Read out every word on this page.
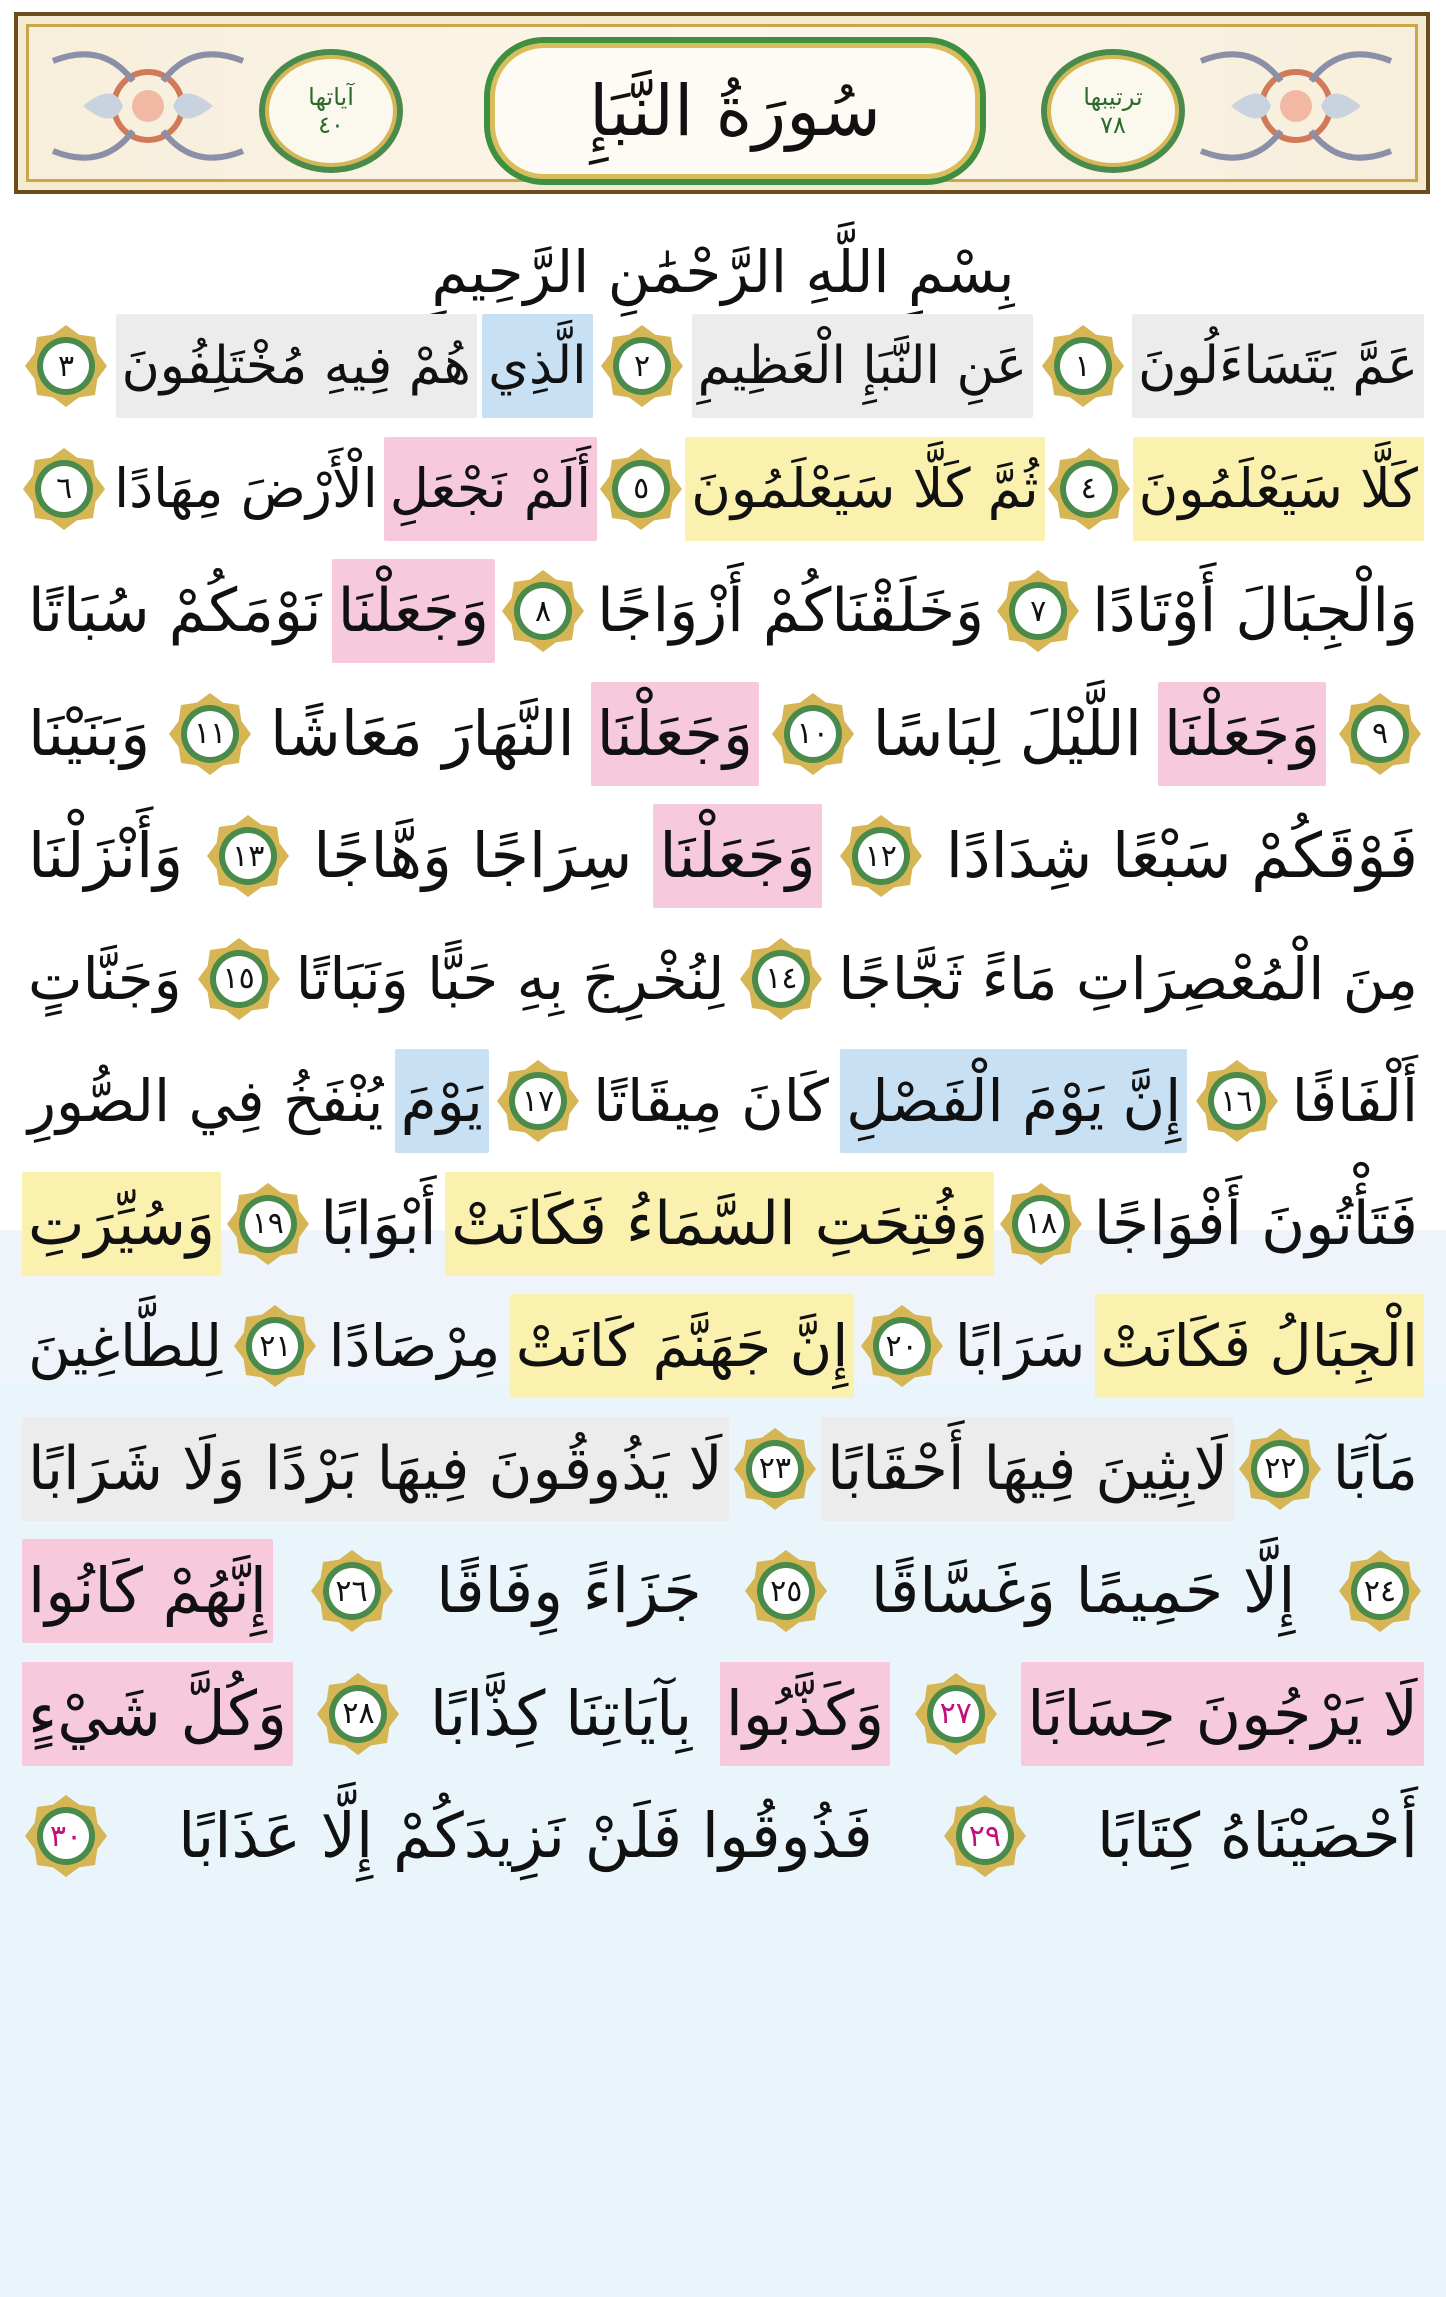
ترتيبها
٧٨
آياتها
٤٠	سُورَةُ النَّبَإِ
بِسْمِ اللَّهِ الرَّحْمَٰنِ الرَّحِيمِ
عَمَّ يَتَسَاءَلُونَ
١
عَنِ النَّبَإِ الْعَظِيمِ
٢
الَّذِي
هُمْ فِيهِ مُخْتَلِفُونَ
٣
كَلَّا سَيَعْلَمُونَ
٤
ثُمَّ كَلَّا سَيَعْلَمُونَ
٥
أَلَمْ نَجْعَلِ
الْأَرْضَ مِهَادًا
٦
وَالْجِبَالَ أَوْتَادًا
٧
وَخَلَقْنَاكُمْ أَزْوَاجًا
٨
وَجَعَلْنَا
نَوْمَكُمْ سُبَاتًا
٩
وَجَعَلْنَا
اللَّيْلَ لِبَاسًا
١٠
وَجَعَلْنَا
النَّهَارَ مَعَاشًا
١١
وَبَنَيْنَا
فَوْقَكُمْ سَبْعًا شِدَادًا
١٢
وَجَعَلْنَا
سِرَاجًا وَهَّاجًا
١٣
وَأَنْزَلْنَا
مِنَ الْمُعْصِرَاتِ مَاءً ثَجَّاجًا
١٤
لِنُخْرِجَ بِهِ حَبًّا وَنَبَاتًا
١٥
وَجَنَّاتٍ
أَلْفَافًا
١٦
إِنَّ يَوْمَ الْفَصْلِ
كَانَ مِيقَاتًا
١٧
يَوْمَ
يُنْفَخُ فِي الصُّورِ
فَتَأْتُونَ أَفْوَاجًا
١٨
وَفُتِحَتِ السَّمَاءُ فَكَانَتْ
أَبْوَابًا
١٩
وَسُيِّرَتِ
الْجِبَالُ فَكَانَتْ
سَرَابًا
٢٠
إِنَّ جَهَنَّمَ كَانَتْ
مِرْصَادًا
٢١
لِلطَّاغِينَ
مَآبًا
٢٢
لَابِثِينَ فِيهَا أَحْقَابًا
٢٣
لَا يَذُوقُونَ فِيهَا بَرْدًا وَلَا شَرَابًا
٢٤
إِلَّا حَمِيمًا وَغَسَّاقًا
٢٥
جَزَاءً وِفَاقًا
٢٦
إِنَّهُمْ كَانُوا
لَا يَرْجُونَ حِسَابًا
٢٧
وَكَذَّبُوا
بِآيَاتِنَا كِذَّابًا
٢٨
وَكُلَّ شَيْءٍ
أَحْصَيْنَاهُ كِتَابًا
٢٩
فَذُوقُوا فَلَنْ نَزِيدَكُمْ إِلَّا عَذَابًا
٣٠
